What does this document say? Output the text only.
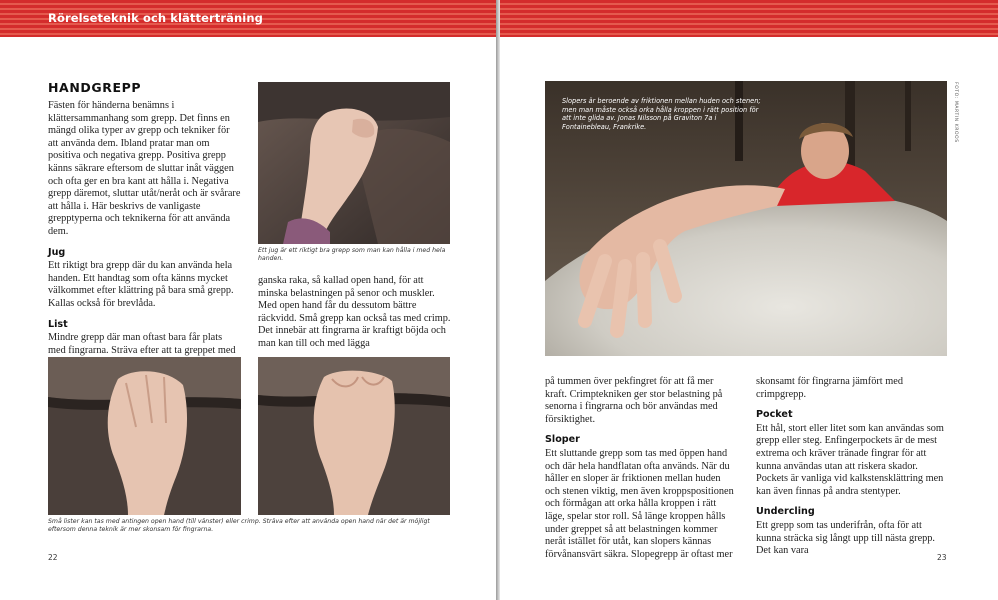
Rörelseteknik och klätterträning
HANDGREPP

Fästen för händerna benämns i klättersammanhang som grepp. Det finns en mängd olika typer av grepp och tekniker för att använda dem. Ibland pratar man om positiva och negativa grepp. Positiva grepp känns säkrare eftersom de sluttar inåt väggen och ofta ger en bra kant att hålla i. Negativa grepp däremot, sluttar utåt/neråt och är svårare att hålla i. Här beskrivs de vanligaste grepptyperna och teknikerna för att använda dem.

Jug

Ett riktigt bra grepp där du kan använda hela handen. Ett handtag som ofta känns mycket välkommet efter klättring på bara små grepp. Kallas också för brevlåda.

List

Mindre grepp där man oftast bara får plats med fingrarna. Sträva efter att ta greppet med

Ett jug är ett riktigt bra grepp som man kan hålla i med hela handen.

ganska raka, så kallad open hand, för att minska belastningen på senor och muskler. Med open hand får du dessutom bättre räckvidd. Små grepp kan också tas med crimp. Det innebär att fingrarna är kraftigt böjda och man kan till och med lägga

Små lister kan tas med antingen open hand (till vänster) eller crimp. Sträva efter att använda open hand när det är möjligt eftersom denna teknik är mer skonsam för fingrarna.
22
Slopers är beroende av friktionen mellan huden och stenen; men man måste också orka hålla kroppen i rätt position för att inte glida av. Jonas Nilsson på Graviton 7a i Fontainebleau, Frankrike.

på tummen över pekfingret för att få mer kraft. Crimptekniken ger stor belastning på senorna i fingrarna och bör användas med försiktighet.

Sloper

Ett sluttande grepp som tas med öppen hand och där hela handflatan ofta används. När du håller en sloper är friktionen mellan huden och stenen viktig, men även kroppspositionen och förmågan att orka hålla kroppen i rätt läge, spelar stor roll. Så länge kroppen hålls under greppet så att belastningen kommer neråt istället för utåt, kan slopers kännas förvånansvärt säkra. Slopegrepp är oftast mer

skonsamt för fingrarna jämfört med crimpgrepp.

Pocket

Ett hål, stort eller litet som kan användas som grepp eller steg. Enfingerpockets är de mest extrema och kräver tränade fingrar för att kunna användas utan att riskera skador. Pockets är vanliga vid kalkstensklättring men kan även finnas på andra stentyper.

Undercling

Ett grepp som tas underifrån, ofta för att kunna sträcka sig långt upp till nästa grepp. Det kan vara

23
FOTO: MARTIN KROOS
